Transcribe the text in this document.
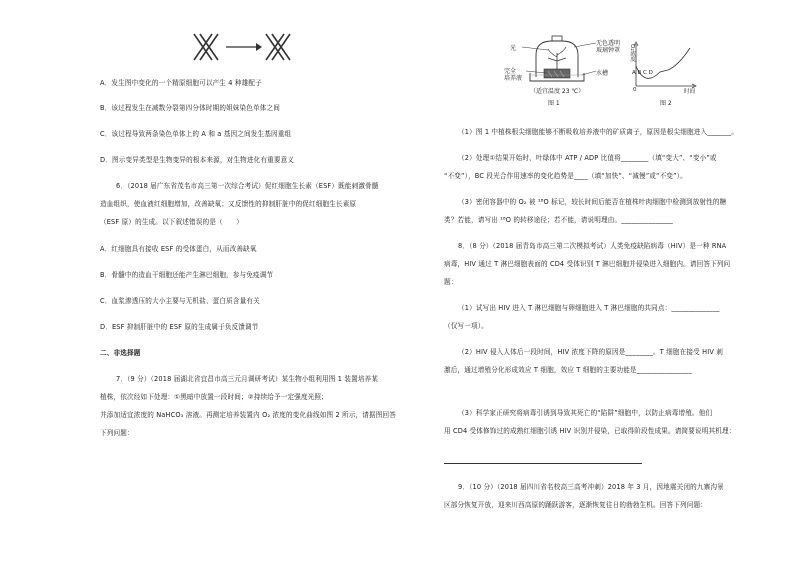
A．发生图中变化的一个精原细胞可以产生 4 种雄配子
B．该过程发生在减数分裂第四分体时期的姐妹染色单体之间
C．该过程导致两条染色单体上的 A 和 a 基因之间发生基因重组
D．图示变异类型是生物变异的根本来源，对生物进化有重要意义
6．（2018 届广东省茂名市高三第一次综合考试）促红细胞生长素（ESF）既能刺激骨髓
造血组织，使血液红细胞增加，改善缺氧；又反馈性的抑制肝脏中的促红细胞生长素原
（ESF 原）的生成。以下叙述错误的是（　　）
A．红细胞具有接收 ESF 的受体蛋白，从而改善缺氧
B．骨髓中的造血干细胞还能产生淋巴细胞，参与免疫调节
C．血浆渗透压的大小主要与无机盐、蛋白质含量有关
D．ESF 抑制肝脏中的 ESF 原的生成属于负反馈调节
二、非选择题
7．（9 分）（2018 届湖北省宜昌市高三元月调研考试）某生物小组利用图 1 装置培养某
植株，依次经如下处理：①黑暗中放置一段时间；②持续给予一定强度光照；
并添加适宜浓度的 NaHCO₃ 溶液。再测定培养装置内 O₂ 浓度的变化曲线如图 2 所示，请据图回答
下列问题：
光
无色透明
玻璃钟罩
完全
培养液
水槽
（适宜温度 23 ℃）
图 1
O₂浓度
A B C D
0	时间
图 2
（1）图 1 中植株根尖细胞能够不断吸收培养液中的矿质离子，原因是根尖细胞进入_______。
（2）处理①结果开始时，叶绿体中 ATP / ADP 比值将________（填“变大”、“变小”或
“不变”），BC 段光合作用速率的变化趋势是____（填“加快”、“减慢”或“不变”）。
（3）密闭容器中的 O₂ 被 ¹⁸O 标记，较长时间后能否在植株叶肉细胞中检测到放射性的糖
类？若能，请写出 ¹⁸O 的转移途径；若不能，请说明理由。_______________
8．（8 分）（2018 届青岛市高三第二次模拟考试）人类免疫缺陷病毒（HIV）是一种 RNA
病毒，HIV 通过 T 淋巴细胞表面的 CD4 受体识别 T 淋巴细胞并侵染进入细胞内。请回答下列问
题：
（1）试写出 HIV 进入 T 淋巴细胞与卵细胞进入 T 淋巴细胞的共同点：______________
（仅写一项）。
（2）HIV 侵入人体后一段时间，HIV 浓度下降的原因是________。T 细胞在接受 HIV 刺
激后，通过增殖分化形成效应 T 细胞，效应 T 细胞的主要功能是________________
（3）科学家正研究将病毒引诱到导致其死亡的“陷阱”细胞中，以防止病毒增殖。他们
用 CD4 受体修饰过的成熟红细胞引诱 HIV 识别并侵染，已取得阶段性成果。请简要说明其机理：
9．（10 分）（2018 届四川省名校高三高考冲刺）2018 年 3 月，因地震关闭的九寨沟景
区部分恢复开放，迎来川西高原的踊跃游客，逐渐恢复往日的勃勃生机。回答下列问题：
